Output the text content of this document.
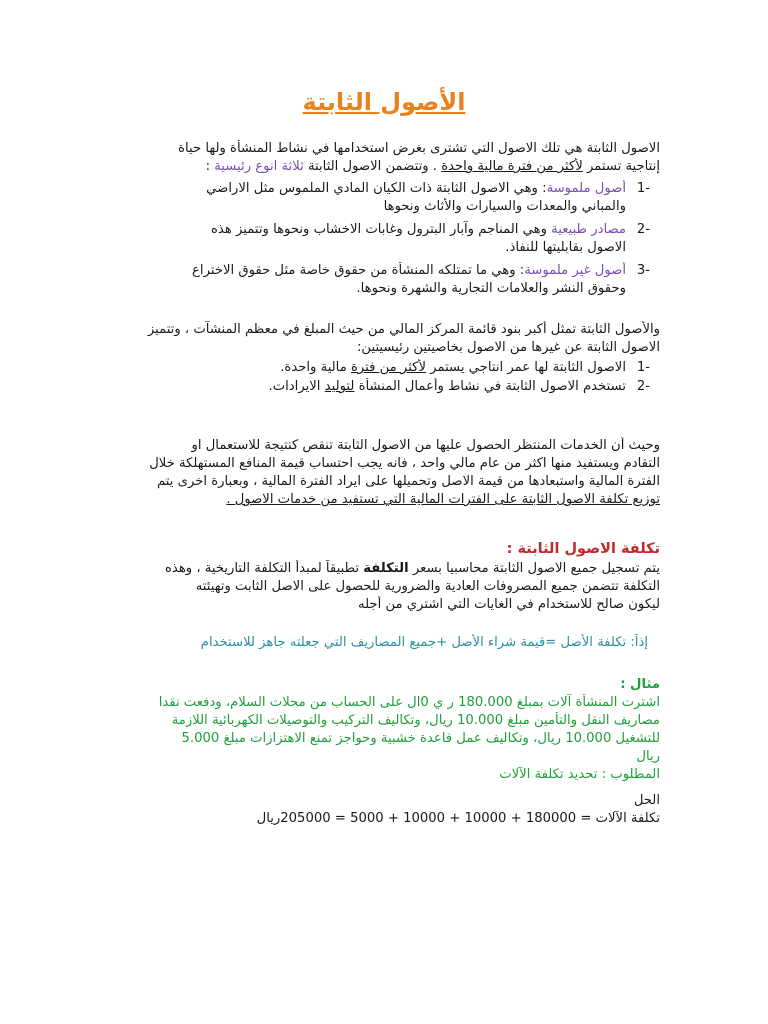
الأصول الثابتة
الاصول الثابتة هي تلك الاصول التي تشترى بغرض استخدامها في نشاط المنشأة ولها حياة
إنتاجية تستمر لأكثر من فترة مالية واحدة . وتتضمن الاصول الثابتة ثلاثة انوع رئيسية :
-1أصول ملموسة: وهي الاصول الثابتة ذات الكيان المادي الملموس مثل الاراضي
والمباني والمعدات والسيارات والأثاث ونحوها
-2مصادر طبيعية وهي المناجم وآبار البترول وغابات الاخشاب ونحوها وتتميز هذه
الاصول بقابليتها للنفاذ.
-3أصول غير ملموسة: وهي ما تمتلكه المنشأة من حقوق خاصة مثل حقوق الاختراع
وحقوق النشر والعلامات التجارية والشهرة ونحوها.
والأصول الثابتة تمثل أكبر بنود قائمة المركز المالي من حيث المبلغ في معظم المنشآت ، وتتميز
الاصول الثابتة عن غيرها من الاصول بخاصيتين رئيسيتين:
-1الاصول الثابتة لها عمر انتاجي يستمر لأكثر من فترة مالية واحدة.
-2تستخدم الاصول الثابتة في نشاط وأعمال المنشأة لتوليد الايرادات.
وحيث أن الخدمات المنتظر الحصول عليها من الاصول الثابتة تنقص كنتيجة للاستعمال او
التقادم ويستفيد منها اكثر من عام مالي واحد ، فانه يجب احتساب قيمة المنافع المستهلكة خلال
الفترة المالية واستبعادها من قيمة الاصل وتحميلها على ايراد الفترة المالية ، وبعبارة اخرى يتم
توزيع تكلفة الاصول الثابتة على الفترات المالية التي تستفيد من خدمات الاصول .
تكلفة الاصول الثابتة :
يتم تسجيل جميع الاصول الثابتة محاسبيا بسعر التكلفة تطبيقاً لمبدأ التكلفة التاريخية ، وهذه
التكلفة تتضمن جميع المصروفات العادية والضرورية للحصول على الاصل الثابت وتهيئته
ليكون صالح للاستخدام في الغايات التي اشتري من أجله
إذاً: تكلفة الأصل =قيمة شراء الأصل +جميع المصاريف التي جعلته جاهز للاستخدام
مثال :
اشترت المنشأة آلات بمبلغ 180.000 ر ي 0ال على الحساب من محلات السلام، ودفعت نقدا
مصاريف النقل والتأمين مبلغ 10.000 ريال، وتكاليف التركيب والتوصيلات الكهربائية اللازمة
للتشغيل 10.000 ريال، وتكاليف عمل قاعدة خشبية وحواجز تمنع الاهتزازات مبلغ 5.000
ريال
المطلوب : تحديد تكلفة الآلات
الحل
تكلفة الآلات = 180000 + 10000 + 10000 + 5000 = 205000ريال
